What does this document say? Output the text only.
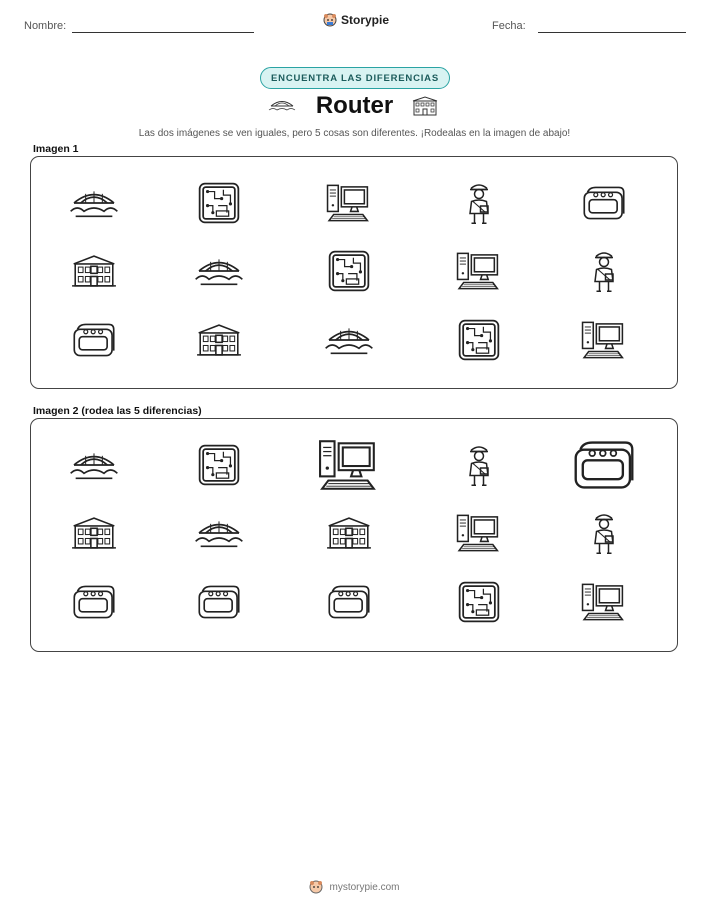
Nombre:	Storypie	Fecha:
ENCUENTRA LAS DIFERENCIAS
Router
Las dos imágenes se ven iguales, pero 5 cosas son diferentes. ¡Rodealas en la imagen de abajo!
Imagen 1
Imagen 2 (rodea las 5 diferencias)
mystorypie.com
